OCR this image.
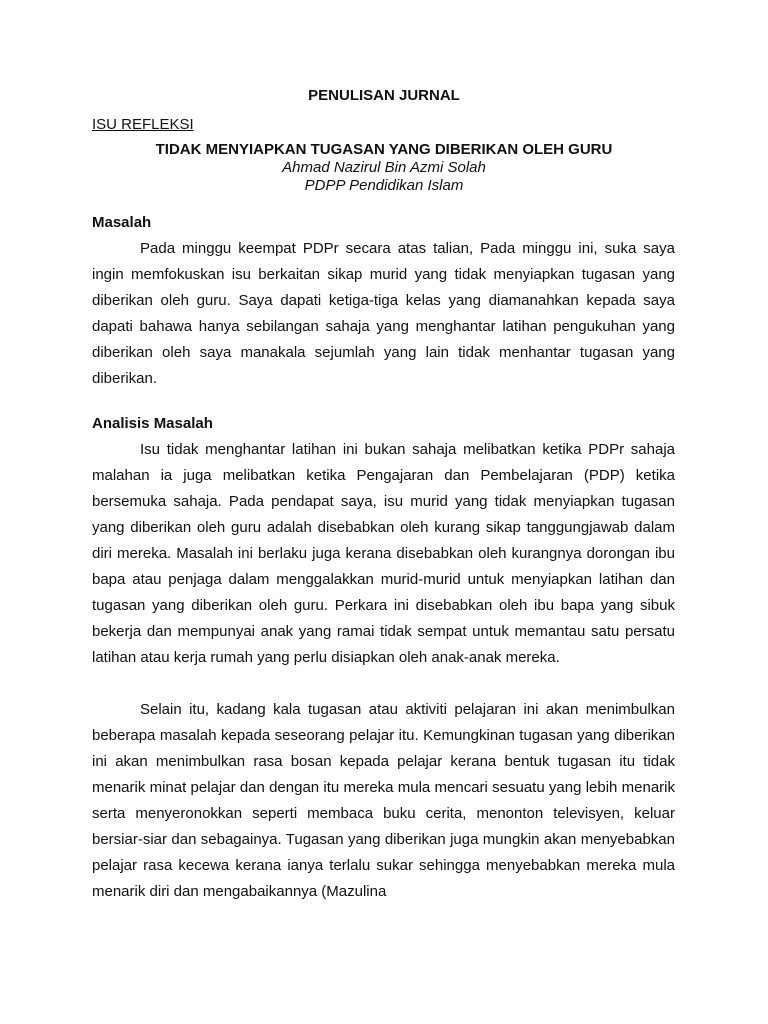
PENULISAN JURNAL

ISU REFLEKSI

TIDAK MENYIAPKAN TUGASAN YANG DIBERIKAN OLEH GURU
Ahmad Nazirul Bin Azmi Solah
PDPP Pendidikan Islam

Masalah

Pada minggu keempat PDPr secara atas talian, Pada minggu ini, suka saya ingin memfokuskan isu berkaitan sikap murid yang tidak menyiapkan tugasan yang diberikan oleh guru. Saya dapati ketiga-tiga kelas yang diamanahkan kepada saya dapati bahawa hanya sebilangan sahaja yang menghantar latihan pengukuhan yang diberikan oleh saya manakala sejumlah yang lain tidak menhantar tugasan yang diberikan.

Analisis Masalah

Isu tidak menghantar latihan ini bukan sahaja melibatkan ketika PDPr sahaja malahan ia juga melibatkan ketika Pengajaran dan Pembelajaran (PDP) ketika bersemuka sahaja. Pada pendapat saya, isu murid yang tidak menyiapkan tugasan yang diberikan oleh guru adalah disebabkan oleh kurang sikap tanggungjawab dalam diri mereka. Masalah ini berlaku juga kerana disebabkan oleh kurangnya dorongan ibu bapa atau penjaga dalam menggalakkan murid-murid untuk menyiapkan latihan dan tugasan yang diberikan oleh guru. Perkara ini disebabkan oleh ibu bapa yang sibuk bekerja dan mempunyai anak yang ramai tidak sempat untuk memantau satu persatu latihan atau kerja rumah yang perlu disiapkan oleh anak-anak mereka.

Selain itu, kadang kala tugasan atau aktiviti pelajaran ini akan menimbulkan beberapa masalah kepada seseorang pelajar itu. Kemungkinan tugasan yang diberikan ini akan menimbulkan rasa bosan kepada pelajar kerana bentuk tugasan itu tidak menarik minat pelajar dan dengan itu mereka mula mencari sesuatu yang lebih menarik serta menyeronokkan seperti membaca buku cerita, menonton televisyen, keluar bersiar-siar dan sebagainya. Tugasan yang diberikan juga mungkin akan menyebabkan pelajar rasa kecewa kerana ianya terlalu sukar sehingga menyebabkan mereka mula menarik diri dan mengabaikannya (Mazulina
